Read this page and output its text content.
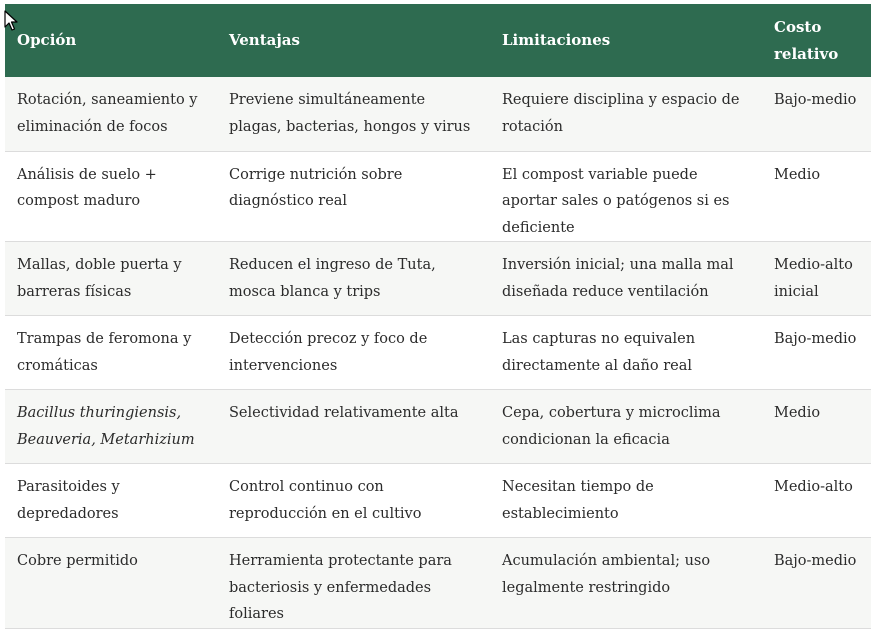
Opción	Ventajas	Limitaciones	Costo relativo
Rotación, saneamiento y eliminación de focos	Previene simultáneamente plagas, bacterias, hongos y virus	Requiere disciplina y espacio de rotación	Bajo-medio
Análisis de suelo + compost maduro	Corrige nutrición sobre diagnóstico real	El compost variable puede aportar sales o patógenos si es deficiente	Medio
Mallas, doble puerta y barreras físicas	Reducen el ingreso de Tuta, mosca blanca y trips	Inversión inicial; una malla mal diseñada reduce ventilación	Medio-alto inicial
Trampas de feromona y cromáticas	Detección precoz y foco de intervenciones	Las capturas no equivalen directamente al daño real	Bajo-medio
Bacillus thuringiensis, Beauveria, Metarhizium	Selectividad relativamente alta	Cepa, cobertura y microclima condicionan la eficacia	Medio
Parasitoides y depredadores	Control continuo con reproducción en el cultivo	Necesitan tiempo de establecimiento	Medio-alto
Cobre permitido	Herramienta protectante para bacteriosis y enfermedades foliares	Acumulación ambiental; uso legalmente restringido	Bajo-medio
